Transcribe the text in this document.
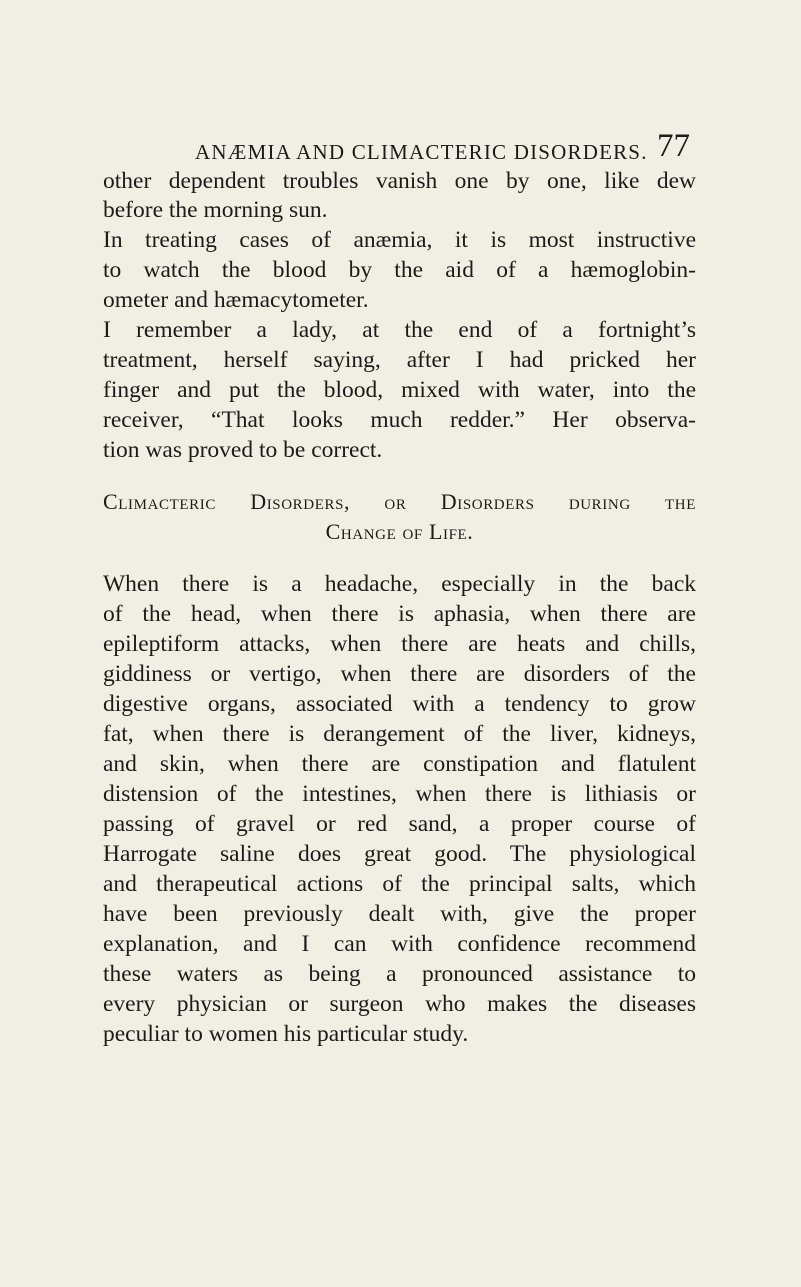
ANÆMIA AND CLIMACTERIC DISORDERS. 77
other dependent troubles vanish one by one, like dew
before the morning sun.
In treating cases of anæmia, it is most instructive
to watch the blood by the aid of a hæmoglobin-
ometer and hæmacytometer.
I remember a lady, at the end of a fortnight’s
treatment, herself saying, after I had pricked her
finger and put the blood, mixed with water, into the
receiver, “That looks much redder.” Her observa-
tion was proved to be correct.
Climacteric Disorders, or Disorders during the
Change of Life.
When there is a headache, especially in the back
of the head, when there is aphasia, when there are
epileptiform attacks, when there are heats and chills,
giddiness or vertigo, when there are disorders of the
digestive organs, associated with a tendency to grow
fat, when there is derangement of the liver, kidneys,
and skin, when there are constipation and flatulent
distension of the intestines, when there is lithiasis or
passing of gravel or red sand, a proper course of
Harrogate saline does great good. The physiological
and therapeutical actions of the principal salts, which
have been previously dealt with, give the proper
explanation, and I can with confidence recommend
these waters as being a pronounced assistance to
every physician or surgeon who makes the diseases
peculiar to women his particular study.
